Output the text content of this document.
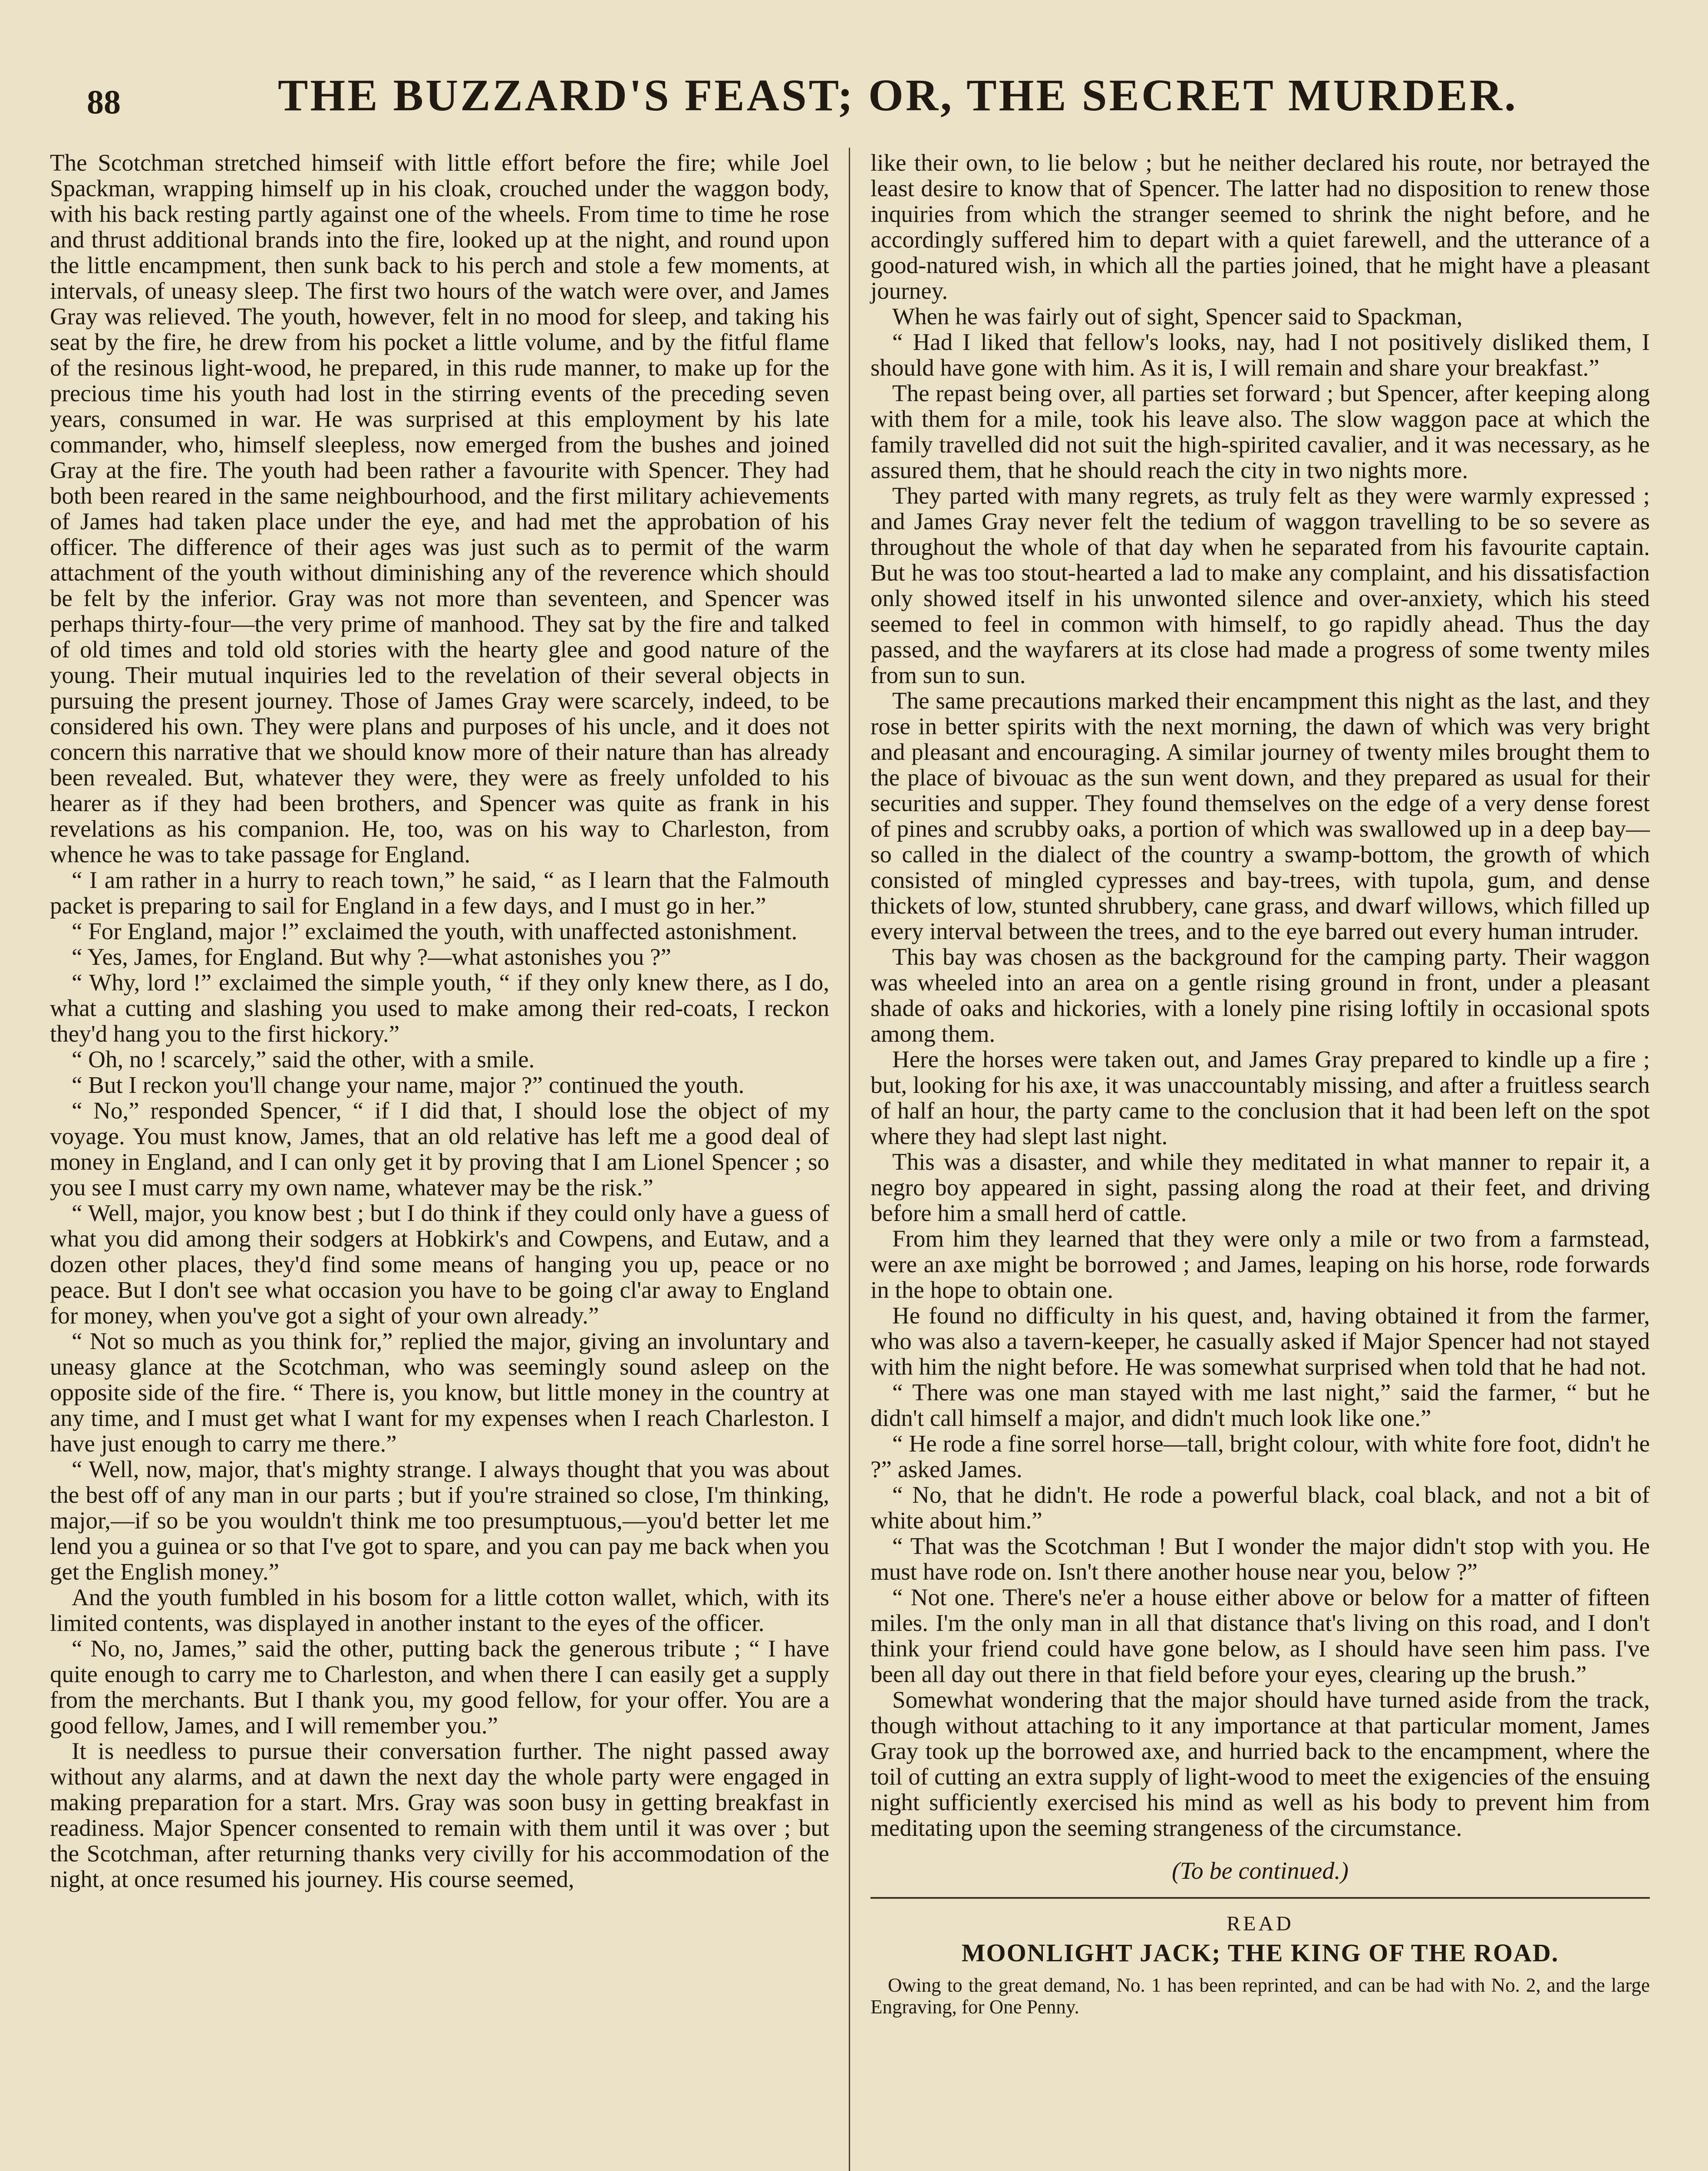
88	THE BUZZARD'S FEAST; OR, THE SECRET MURDER.

The Scotchman stretched himseif with little effort before the fire; while Joel Spackman, wrapping himself up in his cloak, crouched under the waggon body, with his back resting partly against one of the wheels. From time to time he rose and thrust additional brands into the fire, looked up at the night, and round upon the little encampment, then sunk back to his perch and stole a few moments, at intervals, of uneasy sleep. The first two hours of the watch were over, and James Gray was relieved. The youth, however, felt in no mood for sleep, and taking his seat by the fire, he drew from his pocket a little volume, and by the fitful flame of the resinous light-wood, he prepared, in this rude manner, to make up for the precious time his youth had lost in the stirring events of the preceding seven years, consumed in war. He was surprised at this employment by his late commander, who, himself sleepless, now emerged from the bushes and joined Gray at the fire. The youth had been rather a favourite with Spencer. They had both been reared in the same neighbourhood, and the first military achievements of James had taken place under the eye, and had met the approbation of his officer. The difference of their ages was just such as to permit of the warm attachment of the youth without diminishing any of the reverence which should be felt by the inferior. Gray was not more than seventeen, and Spencer was perhaps thirty-four—the very prime of manhood. They sat by the fire and talked of old times and told old stories with the hearty glee and good nature of the young. Their mutual inquiries led to the revelation of their several objects in pursuing the present journey. Those of James Gray were scarcely, indeed, to be considered his own. They were plans and purposes of his uncle, and it does not concern this narrative that we should know more of their nature than has already been revealed. But, whatever they were, they were as freely unfolded to his hearer as if they had been brothers, and Spencer was quite as frank in his revelations as his companion. He, too, was on his way to Charleston, from whence he was to take passage for England.

“ I am rather in a hurry to reach town,” he said, “ as I learn that the Falmouth packet is preparing to sail for England in a few days, and I must go in her.”

“ For England, major !” exclaimed the youth, with unaffected astonishment.

“ Yes, James, for England. But why ?—what astonishes you ?”

“ Why, lord !” exclaimed the simple youth, “ if they only knew there, as I do, what a cutting and slashing you used to make among their red-coats, I reckon they'd hang you to the first hickory.”

“ Oh, no ! scarcely,” said the other, with a smile.

“ But I reckon you'll change your name, major ?” continued the youth.

“ No,” responded Spencer, “ if I did that, I should lose the object of my voyage. You must know, James, that an old relative has left me a good deal of money in England, and I can only get it by proving that I am Lionel Spencer ; so you see I must carry my own name, whatever may be the risk.”

“ Well, major, you know best ; but I do think if they could only have a guess of what you did among their sodgers at Hobkirk's and Cowpens, and Eutaw, and a dozen other places, they'd find some means of hanging you up, peace or no peace. But I don't see what occasion you have to be going cl'ar away to England for money, when you've got a sight of your own already.”

“ Not so much as you think for,” replied the major, giving an involuntary and uneasy glance at the Scotchman, who was seemingly sound asleep on the opposite side of the fire. “ There is, you know, but little money in the country at any time, and I must get what I want for my expenses when I reach Charleston. I have just enough to carry me there.”

“ Well, now, major, that's mighty strange. I always thought that you was about the best off of any man in our parts ; but if you're strained so close, I'm thinking, major,—if so be you wouldn't think me too presumptuous,—you'd better let me lend you a guinea or so that I've got to spare, and you can pay me back when you get the English money.”

And the youth fumbled in his bosom for a little cotton wallet, which, with its limited contents, was displayed in another instant to the eyes of the officer.

“ No, no, James,” said the other, putting back the generous tribute ; “ I have quite enough to carry me to Charleston, and when there I can easily get a supply from the merchants. But I thank you, my good fellow, for your offer. You are a good fellow, James, and I will remember you.”

It is needless to pursue their conversation further. The night passed away without any alarms, and at dawn the next day the whole party were engaged in making preparation for a start. Mrs. Gray was soon busy in getting breakfast in readiness. Major Spencer consented to remain with them until it was over ; but the Scotchman, after returning thanks very civilly for his accommodation of the night, at once resumed his journey. His course seemed,

like their own, to lie below ; but he neither declared his route, nor betrayed the least desire to know that of Spencer. The latter had no disposition to renew those inquiries from which the stranger seemed to shrink the night before, and he accordingly suffered him to depart with a quiet farewell, and the utterance of a good-natured wish, in which all the parties joined, that he might have a pleasant journey.

When he was fairly out of sight, Spencer said to Spackman,

“ Had I liked that fellow's looks, nay, had I not positively disliked them, I should have gone with him. As it is, I will remain and share your breakfast.”

The repast being over, all parties set forward ; but Spencer, after keeping along with them for a mile, took his leave also. The slow waggon pace at which the family travelled did not suit the high-spirited cavalier, and it was necessary, as he assured them, that he should reach the city in two nights more.

They parted with many regrets, as truly felt as they were warmly expressed ; and James Gray never felt the tedium of waggon travelling to be so severe as throughout the whole of that day when he separated from his favourite captain. But he was too stout-hearted a lad to make any complaint, and his dissatisfaction only showed itself in his unwonted silence and over-anxiety, which his steed seemed to feel in common with himself, to go rapidly ahead. Thus the day passed, and the wayfarers at its close had made a progress of some twenty miles from sun to sun.

The same precautions marked their encampment this night as the last, and they rose in better spirits with the next morning, the dawn of which was very bright and pleasant and encouraging. A similar journey of twenty miles brought them to the place of bivouac as the sun went down, and they prepared as usual for their securities and supper. They found themselves on the edge of a very dense forest of pines and scrubby oaks, a portion of which was swallowed up in a deep bay—so called in the dialect of the country a swamp-bottom, the growth of which consisted of mingled cypresses and bay-trees, with tupola, gum, and dense thickets of low, stunted shrubbery, cane grass, and dwarf willows, which filled up every interval between the trees, and to the eye barred out every human intruder.

This bay was chosen as the background for the camping party. Their waggon was wheeled into an area on a gentle rising ground in front, under a pleasant shade of oaks and hickories, with a lonely pine rising loftily in occasional spots among them.

Here the horses were taken out, and James Gray prepared to kindle up a fire ; but, looking for his axe, it was unaccountably missing, and after a fruitless search of half an hour, the party came to the conclusion that it had been left on the spot where they had slept last night.

This was a disaster, and while they meditated in what manner to repair it, a negro boy appeared in sight, passing along the road at their feet, and driving before him a small herd of cattle.

From him they learned that they were only a mile or two from a farmstead, were an axe might be borrowed ; and James, leaping on his horse, rode forwards in the hope to obtain one.

He found no difficulty in his quest, and, having obtained it from the farmer, who was also a tavern-keeper, he casually asked if Major Spencer had not stayed with him the night before. He was somewhat surprised when told that he had not.

“ There was one man stayed with me last night,” said the farmer, “ but he didn't call himself a major, and didn't much look like one.”

“ He rode a fine sorrel horse—tall, bright colour, with white fore foot, didn't he ?” asked James.

“ No, that he didn't. He rode a powerful black, coal black, and not a bit of white about him.”

“ That was the Scotchman ! But I wonder the major didn't stop with you. He must have rode on. Isn't there another house near you, below ?”

“ Not one. There's ne'er a house either above or below for a matter of fifteen miles. I'm the only man in all that distance that's living on this road, and I don't think your friend could have gone below, as I should have seen him pass. I've been all day out there in that field before your eyes, clearing up the brush.”

Somewhat wondering that the major should have turned aside from the track, though without attaching to it any importance at that particular moment, James Gray took up the borrowed axe, and hurried back to the encampment, where the toil of cutting an extra supply of light-wood to meet the exigencies of the ensuing night sufficiently exercised his mind as well as his body to prevent him from meditating upon the seeming strangeness of the circumstance.

(To be continued.)
READ
MOONLIGHT JACK; THE KING OF THE ROAD.

Owing to the great demand, No. 1 has been reprinted, and can be had with No. 2, and the large Engraving, for One Penny.
